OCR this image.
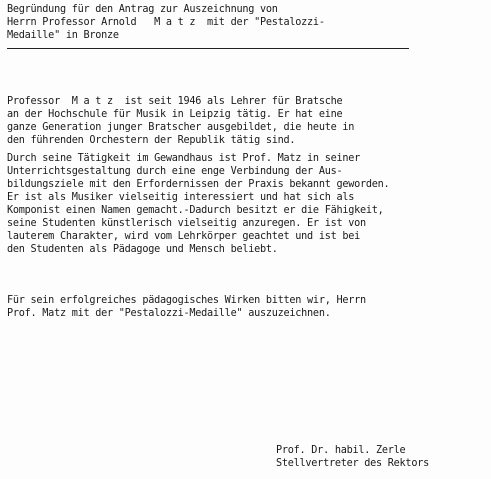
Begründung für den Antrag zur Auszeichnung von
Herrn Professor Arnold   M a t z  mit der "Pestalozzi-
Medaille" in Bronze
Professor  M a t z  ist seit 1946 als Lehrer für Bratsche
an der Hochschule für Musik in Leipzig tätig. Er hat eine
ganze Generation junger Bratscher ausgebildet, die heute in
den führenden Orchestern der Republik tätig sind.
Durch seine Tätigkeit im Gewandhaus ist Prof. Matz in seiner
Unterrichtsgestaltung durch eine enge Verbindung der Aus-
bildungsziele mit den Erfordernissen der Praxis bekannt geworden.
Er ist als Musiker vielseitig interessiert und hat sich als
Komponist einen Namen gemacht.-Dadurch besitzt er die Fähigkeit,
seine Studenten künstlerisch vielseitig anzuregen. Er ist von
lauterem Charakter, wird vom Lehrkörper geachtet und ist bei
den Studenten als Pädagoge und Mensch beliebt.
Für sein erfolgreiches pädagogisches Wirken bitten wir, Herrn
Prof. Matz mit der "Pestalozzi-Medaille" auszuzeichnen.
Prof. Dr. habil. Zerle
Stellvertreter des Rektors
